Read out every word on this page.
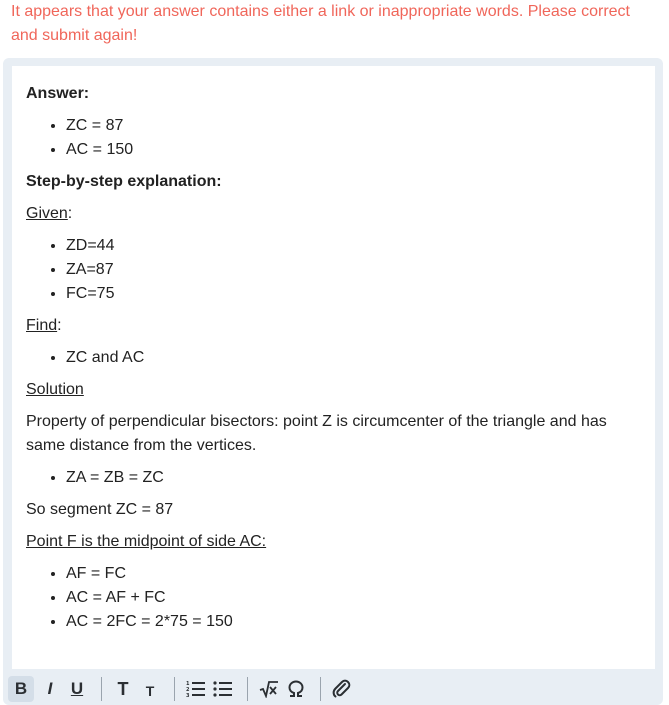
It appears that your answer contains either a link or inappropriate words. Please correct and submit again!

Answer:

• ZC = 87
• AC = 150

Step-by-step explanation:

Given:

• ZD=44
• ZA=87
• FC=75

Find:

• ZC and AC

Solution

Property of perpendicular bisectors: point Z is circumcenter of the triangle and has same distance from the vertices.

• ZA = ZB = ZC

So segment ZC = 87

Point F is the midpoint of side AC:

• AF = FC
• AC = AF + FC
• AC = 2FC = 2*75 = 150
B I U T T	1
2
3
